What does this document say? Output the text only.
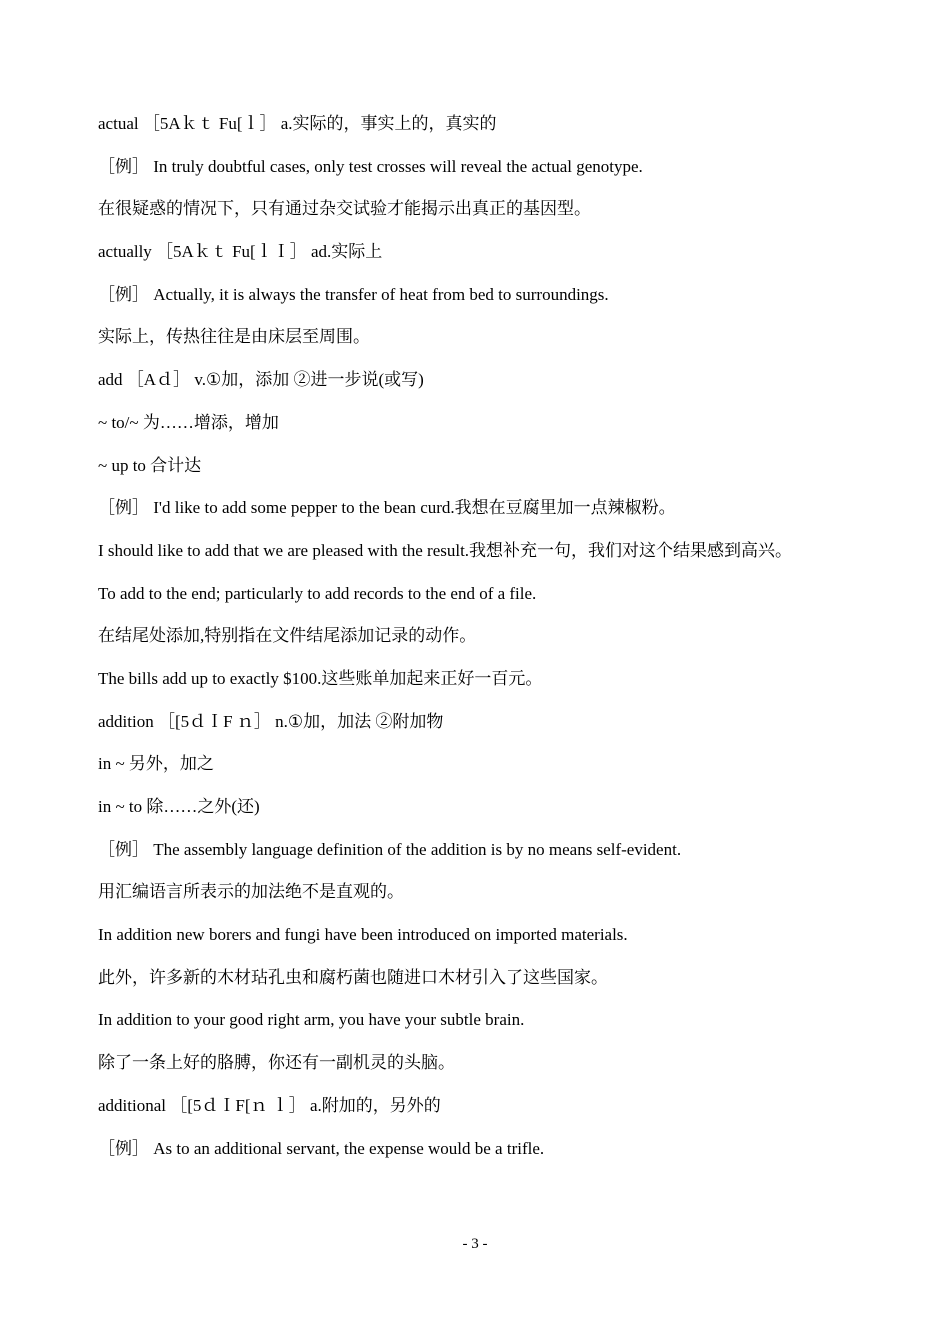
actual ［5Aｋｔ Fu[ｌ］ a.实际的，事实上的，真实的
［例］ In truly doubtful cases, only test crosses will reveal the actual genotype.
在很疑惑的情况下，只有通过杂交试验才能揭示出真正的基因型。
actually ［5Aｋｔ Fu[ｌＩ］ ad.实际上
［例］ Actually, it is always the transfer of heat from bed to surroundings.
实际上，传热往往是由床层至周围。
add ［Aｄ］ v.①加，添加 ②进一步说(或写)
~ to/~ 为……增添，增加
~ up to 合计达
［例］ I'd like to add some pepper to the bean curd.我想在豆腐里加一点辣椒粉。
I should like to add that we are pleased with the result.我想补充一句，我们对这个结果感到高兴。
To add to the end; particularly to add records to the end of a file.
在结尾处添加,特别指在文件结尾添加记录的动作。
The bills add up to exactly $100.这些账单加起来正好一百元。
addition ［[5ｄＩF ｎ］ n.①加，加法 ②附加物
in ~ 另外，加之
in ~ to 除……之外(还)
［例］ The assembly language definition of the addition is by no means self-evident.
用汇编语言所表示的加法绝不是直观的。
In addition new borers and fungi have been introduced on imported materials.
此外，许多新的木材玷孔虫和腐朽菌也随进口木材引入了这些国家。
In addition to your good right arm, you have your subtle brain.
除了一条上好的胳膊，你还有一副机灵的头脑。
additional ［[5ｄＩF[ｎ ｌ］ a.附加的，另外的
［例］ As to an additional servant, the expense would be a trifle.
- 3 -
